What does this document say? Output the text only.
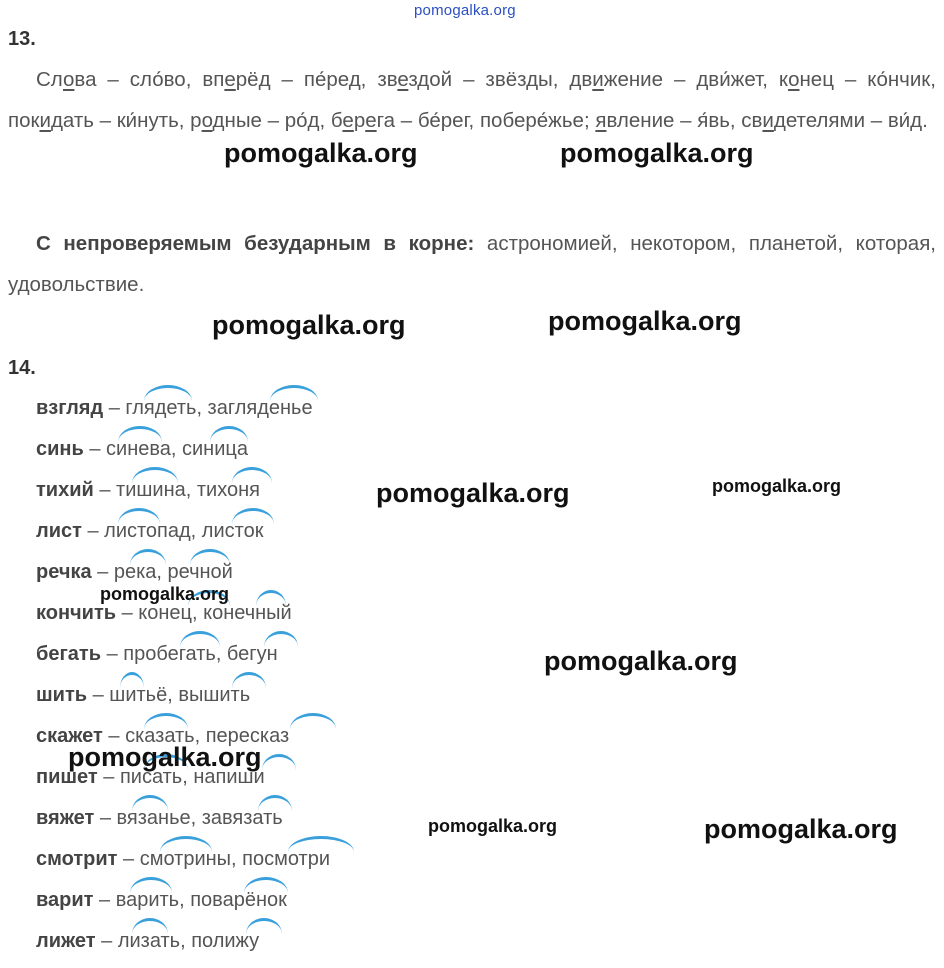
pomogalka.org
13.

Слова – сло́во, вперёд – пе́ред, звездой – звёзды, движение – дви́жет, конец – ко́нчик, покидать – ки́нуть, родные – ро́д, берега – бе́рег, побере́жье; явление – я́вь, свидетелями – ви́д.

С непроверяемым безударным в корне: астрономией, некотором, планетой, которая, удовольствие.

14.
взгляд – глядеть, загляденье
синь – синева, синица
тихий – тишина, тихоня
лист – листопад, листок
речка – река, речной
кончить – конец, конечный
бегать – пробегать, бегун
шить – шитьё, вышить
скажет – сказать, пересказ
пишет – писать, напиши
вяжет – вязанье, завязать
смотрит – смотрины, посмотри
варит – варить, поварёнок
лижет – лизать, полижу
pomogalka.org	pomogalka.org
pomogalka.org	pomogalka.org
pomogalka.org	pomogalka.org
pomogalka.org
pomogalka.org
pomogalka.org
pomogalka.org	pomogalka.org
